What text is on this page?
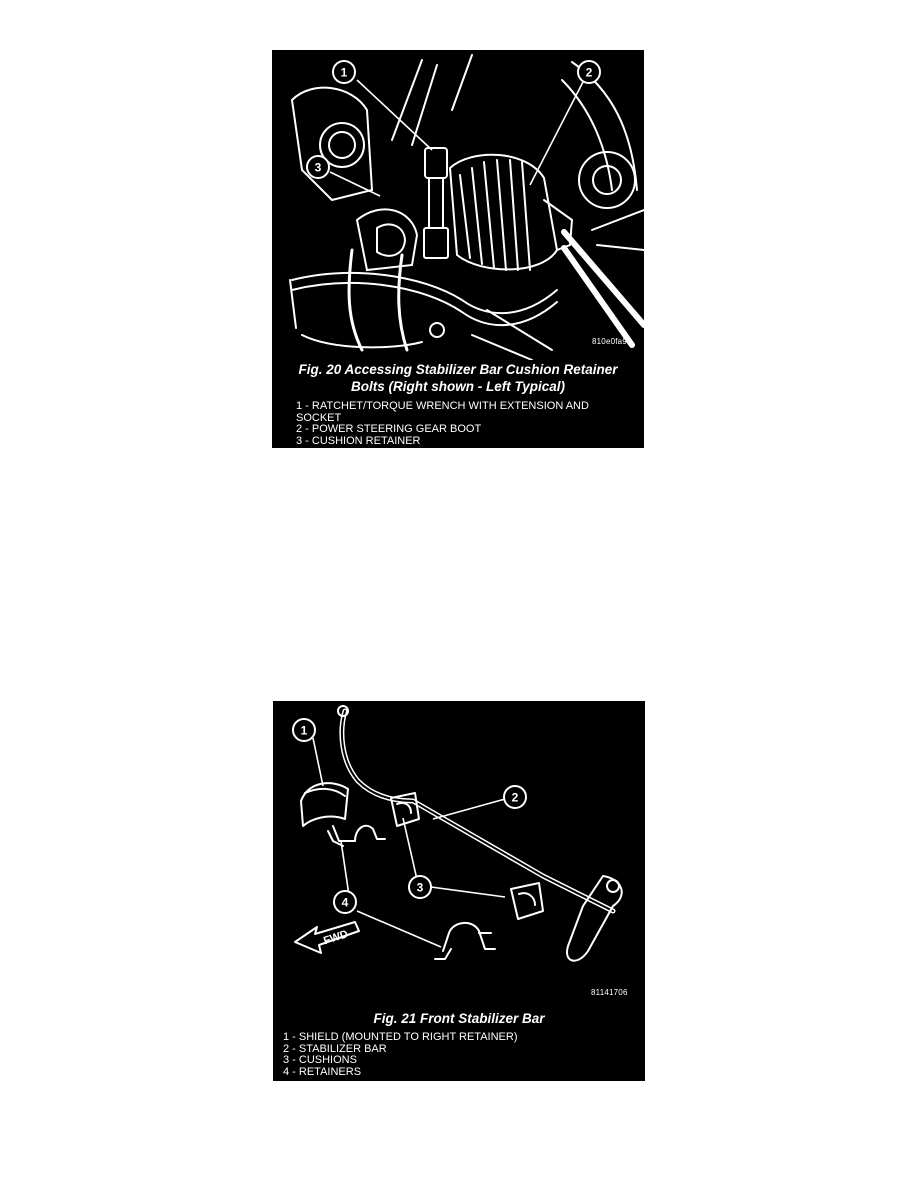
1	2
3
810e0fa9
Fig. 20 Accessing Stabilizer Bar Cushion Retainer
Bolts (Right shown - Left Typical)
1 - RATCHET/TORQUE WRENCH WITH EXTENSION AND
SOCKET
2 - POWER STEERING GEAR BOOT
3 - CUSHION RETAINER
FWD
1
2
3
4
81141706
Fig. 21 Front Stabilizer Bar
1 - SHIELD (MOUNTED TO RIGHT RETAINER)
2 - STABILIZER BAR
3 - CUSHIONS
4 - RETAINERS
